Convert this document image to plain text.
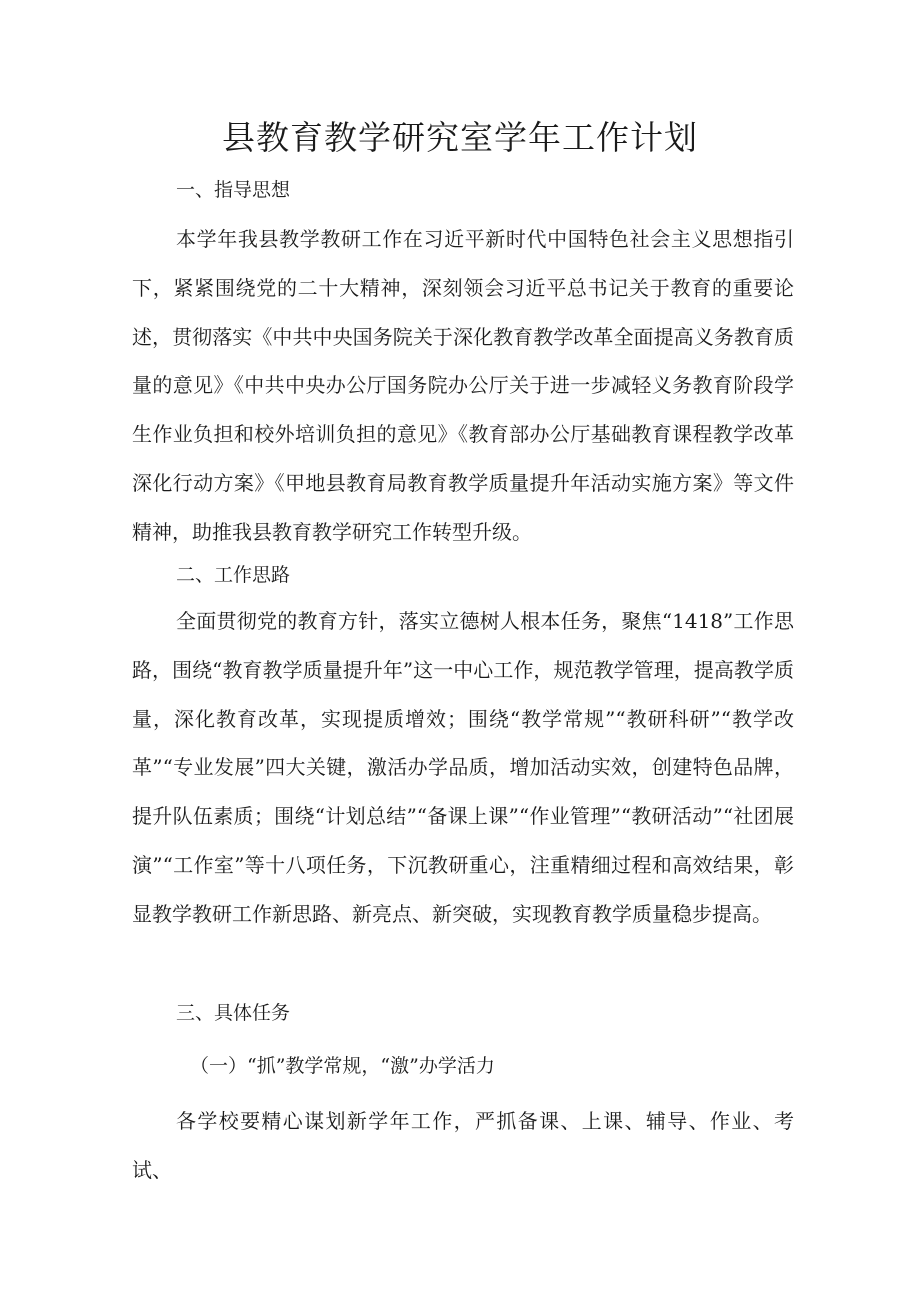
县教育教学研究室学年工作计划
一、指导思想

本学年我县教学教研工作在习近平新时代中国特色社会主义思想指引下，紧紧围绕党的二十大精神，深刻领会习近平总书记关于教育的重要论述，贯彻落实《中共中央国务院关于深化教育教学改革全面提高义务教育质量的意见》《中共中央办公厅国务院办公厅关于进一步减轻义务教育阶段学生作业负担和校外培训负担的意见》《教育部办公厅基础教育课程教学改革深化行动方案》《甲地县教育局教育教学质量提升年活动实施方案》等文件精神，助推我县教育教学研究工作转型升级。

二、工作思路

全面贯彻党的教育方针，落实立德树人根本任务，聚焦“1418”工作思路，围绕“教育教学质量提升年”这一中心工作，规范教学管理，提高教学质量，深化教育改革，实现提质增效；围绕“教学常规”“教研科研”“教学改革”“专业发展”四大关键，激活办学品质，增加活动实效，创建特色品牌，提升队伍素质；围绕“计划总结”“备课上课”“作业管理”“教研活动”“社团展演”“工作室”等十八项任务，下沉教研重心，注重精细过程和高效结果，彰显教学教研工作新思路、新亮点、新突破，实现教育教学质量稳步提高。

三、具体任务
（一）“抓”教学常规，“激”办学活力

各学校要精心谋划新学年工作，严抓备课、上课、辅导、作业、考试、
